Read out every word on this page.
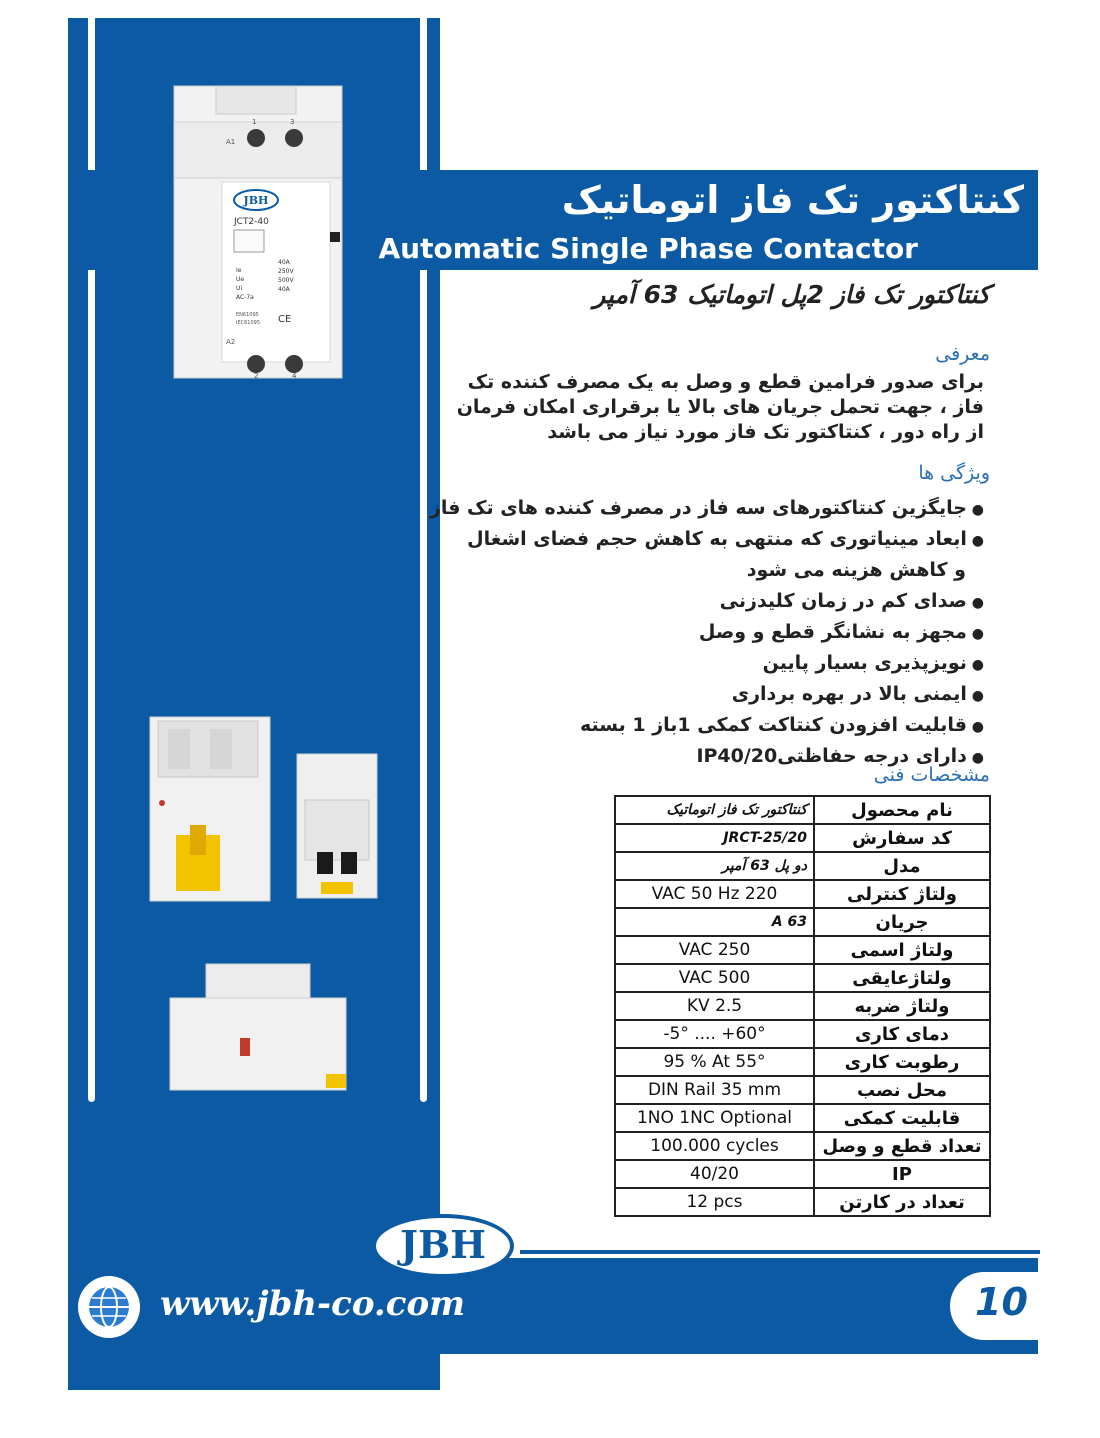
کنتاکتور تک فاز اتوماتیک
Automatic Single Phase Contactor
1	3
A1
JBH
JCT2-40
Ie
Ue
Ui
AC-7a
40A
250V
500V
40A
EN61095
IEC61095 CE
A2
2	4
کنتاکتور تک فاز 2پل اتوماتیک 63 آمپر
معرفی
برای صدور فرامین قطع و وصل به یک مصرف کننده تک
فاز ، جهت تحمل جریان های بالا یا برقراری امکان فرمان
از راه دور ، کنتاکتور تک فاز مورد نیاز می باشد
ویژگی ها
● جایگزین کنتاکتورهای سه فاز در مصرف کننده های تک فاز
● ابعاد مینیاتوری که منتهی به کاهش حجم فضای اشغال
و کاهش هزینه می شود
● صدای کم در زمان کلیدزنی
● مجهز به نشانگر قطع و وصل
● نویزپذیری بسیار پایین
● ایمنی بالا در بهره برداری
● قابلیت افزودن کنتاکت کمکی 1باز 1 بسته
● دارای درجه حفاظتیIP40/20
مشخصات فنی
کنتاکتور تک فاز اتوماتیک	نام محصول
JRCT-25/20	کد سفارش
دو پل 63 آمپر	مدل
220 VAC 50 Hz	ولتاژ کنترلی
63 A	جریان
250 VAC	ولتاژ اسمی
500 VAC	ولتاژعایقی
2.5 KV	ولتاژ ضربه
-5° .... +60°	دمای کاری
95 % At 55°	رطوبت کاری
DIN Rail 35 mm	محل نصب
1NO 1NC Optional	قابلیت کمکی
100.000 cycles	تعداد قطع و وصل
40/20	IP
12 pcs	تعداد در کارتن
JBH
www.jbh-co.com	10
